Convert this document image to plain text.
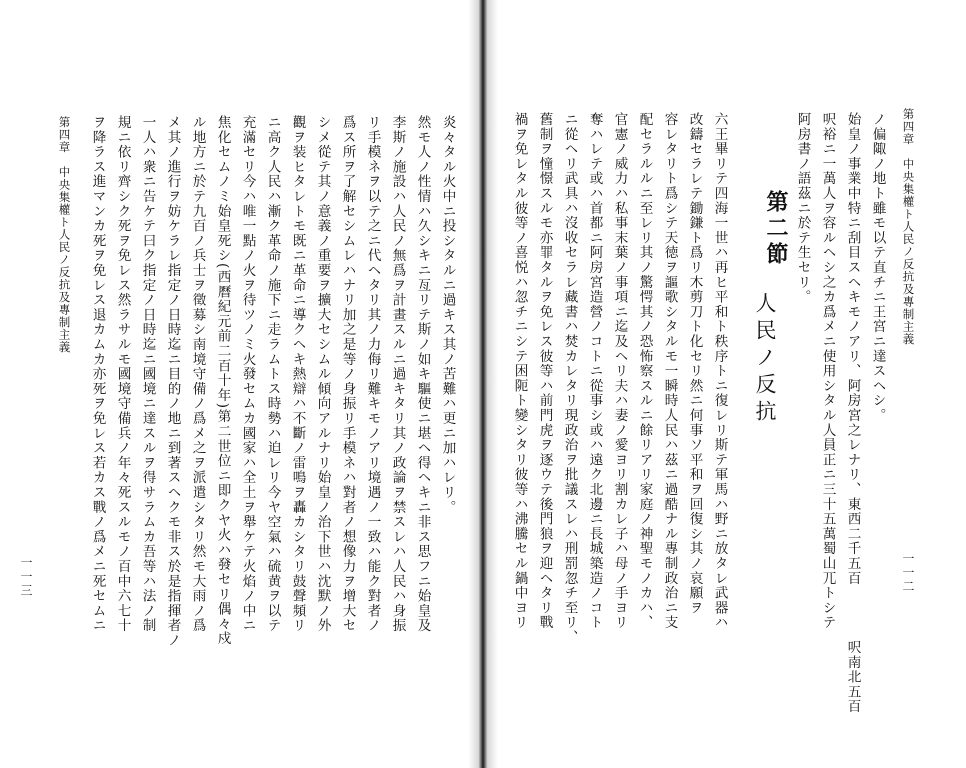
一一三
第四章　中央集權ト人民ノ反抗及專制主義 ヲ降ラス進マンカ死ヲ免レス退カムカ亦死ヲ免レス若カス戰ノ爲メニ死セムニ 規ニ依リ齊シク死ヲ免レス然ラサルモ國境守備兵ノ年々死スルモノ百中六七十 一人ハ衆ニ告ケテ曰ク指定ノ日時迄ニ國境ニ達スルヲ得サラムカ吾等ハ法ノ制 メ其ノ進行ヲ妨ケラレ指定ノ日時迄ニ目的ノ地ニ到著スヘクモ非ス於是指揮者ノ ル地方ニ於テ九百ノ兵士ヲ徵募シ南境守備ノ爲メ之ヲ派遣シタリ然モ大雨ノ爲 焦化セムノミ始皇死シ(西曆紀元前二百十年)第二世位ニ即クヤ火ハ發セリ偶々戍 充滿セリ今ハ唯一點ノ火ヲ待ツノミ火發セムカ國家ハ全土ヲ舉ケテ火焰ノ中ニ ニ高ク人民ハ漸ク革命ノ施下ニ走ラムトス時勢ハ迫レリ今ヤ空氣ハ硫黄ヲ以テ 觀ヲ装ヒタレトモ既ニ革命ニ導クヘキ熱辯ハ不斷ノ雷鳴ヲ轟カシタリ鼓聲頻リ シメ從テ其ノ意義ノ重要ヲ擴大セシムル傾向アルナリ始皇ノ治下世ハ沈默ノ外 爲ス所ヲ了解セシムレハナリ加之是等ノ身振リ手模ネハ對者ノ想像力ヲ增大セ リ手模ネヲ以テ之ニ代ヘタリ其ノ力侮リ難キモノアリ境遇ノ一致ハ能ク對者ノ 李斯ノ施設ハ人民ノ無爲ヲ計畫スルニ過キタリ其ノ政論ヲ禁スレハ人民ハ身振 然モ人ノ性情ハ久シキニ亙リテ斯ノ如キ驅使ニ堪ヘ得ヘキニ非ス思フニ始皇及 炎々タル火中ニ投シタルニ過キス其ノ苦難ハ更ニ加ハレリ。	禍ヲ免レタル彼等ノ喜悦ハ忽チニシテ困阨ト變シタリ彼等ハ沸騰セル鍋中ヨリ 舊制ヲ憧憬スルモ亦罪タルヲ免レス彼等ハ前門虎ヲ逐ウテ後門狼ヲ迎ヘタリ戰 ニ從ヘリ武具ハ沒收セラレ藏書ハ焚カレタリ現政治ヲ批議スレハ刑罰忽チ至リ、 奪ハレテ或ハ首都ニ阿房宮造營ノコトニ從事シ或ハ遠ク北邊ニ長城築造ノコト 官憲ノ威力ハ私事末葉ノ事項ニ迄及ヘリ夫ハ妻ノ愛ヨリ割カレ子ハ母ノ手ヨリ 配セラルルニ至レリ其ノ驚愕其ノ恐怖察スルニ餘リアリ家庭ノ神聖モノカハ、 容レタリト爲シテ天徳ヲ謳歌シタルモ一瞬時人民ハ茲ニ過酷ナル專制政治ニ支 改鑄セラレテ鋤鎌ト爲リ木剪刀ト化セリ然ニ何事ソ平和ヲ回復シ其ノ哀願ヲ 六王畢リテ四海一世ハ再ヒ平和ト秩序トニ復レリ斯テ軍馬ハ野ニ放タレ武器ハ 人民ノ反抗
第二節 阿房書ノ語茲ニ於テ生セリ。 呎裕ニ一萬人ヲ容ルヘシ之カ爲メニ使用シタル人員正ニ三十五萬蜀山兀トシテ 始皇ノ事業中特ニ刮目スヘキモノアリ、阿房宮之レナリ、東西二千五百
呎南北五百
ノ偏陬ノ地ト雖モ以テ直チニ王宮ニ達スヘシ。 第四章　中央集權ト人民ノ反抗及專制主義
一一二
